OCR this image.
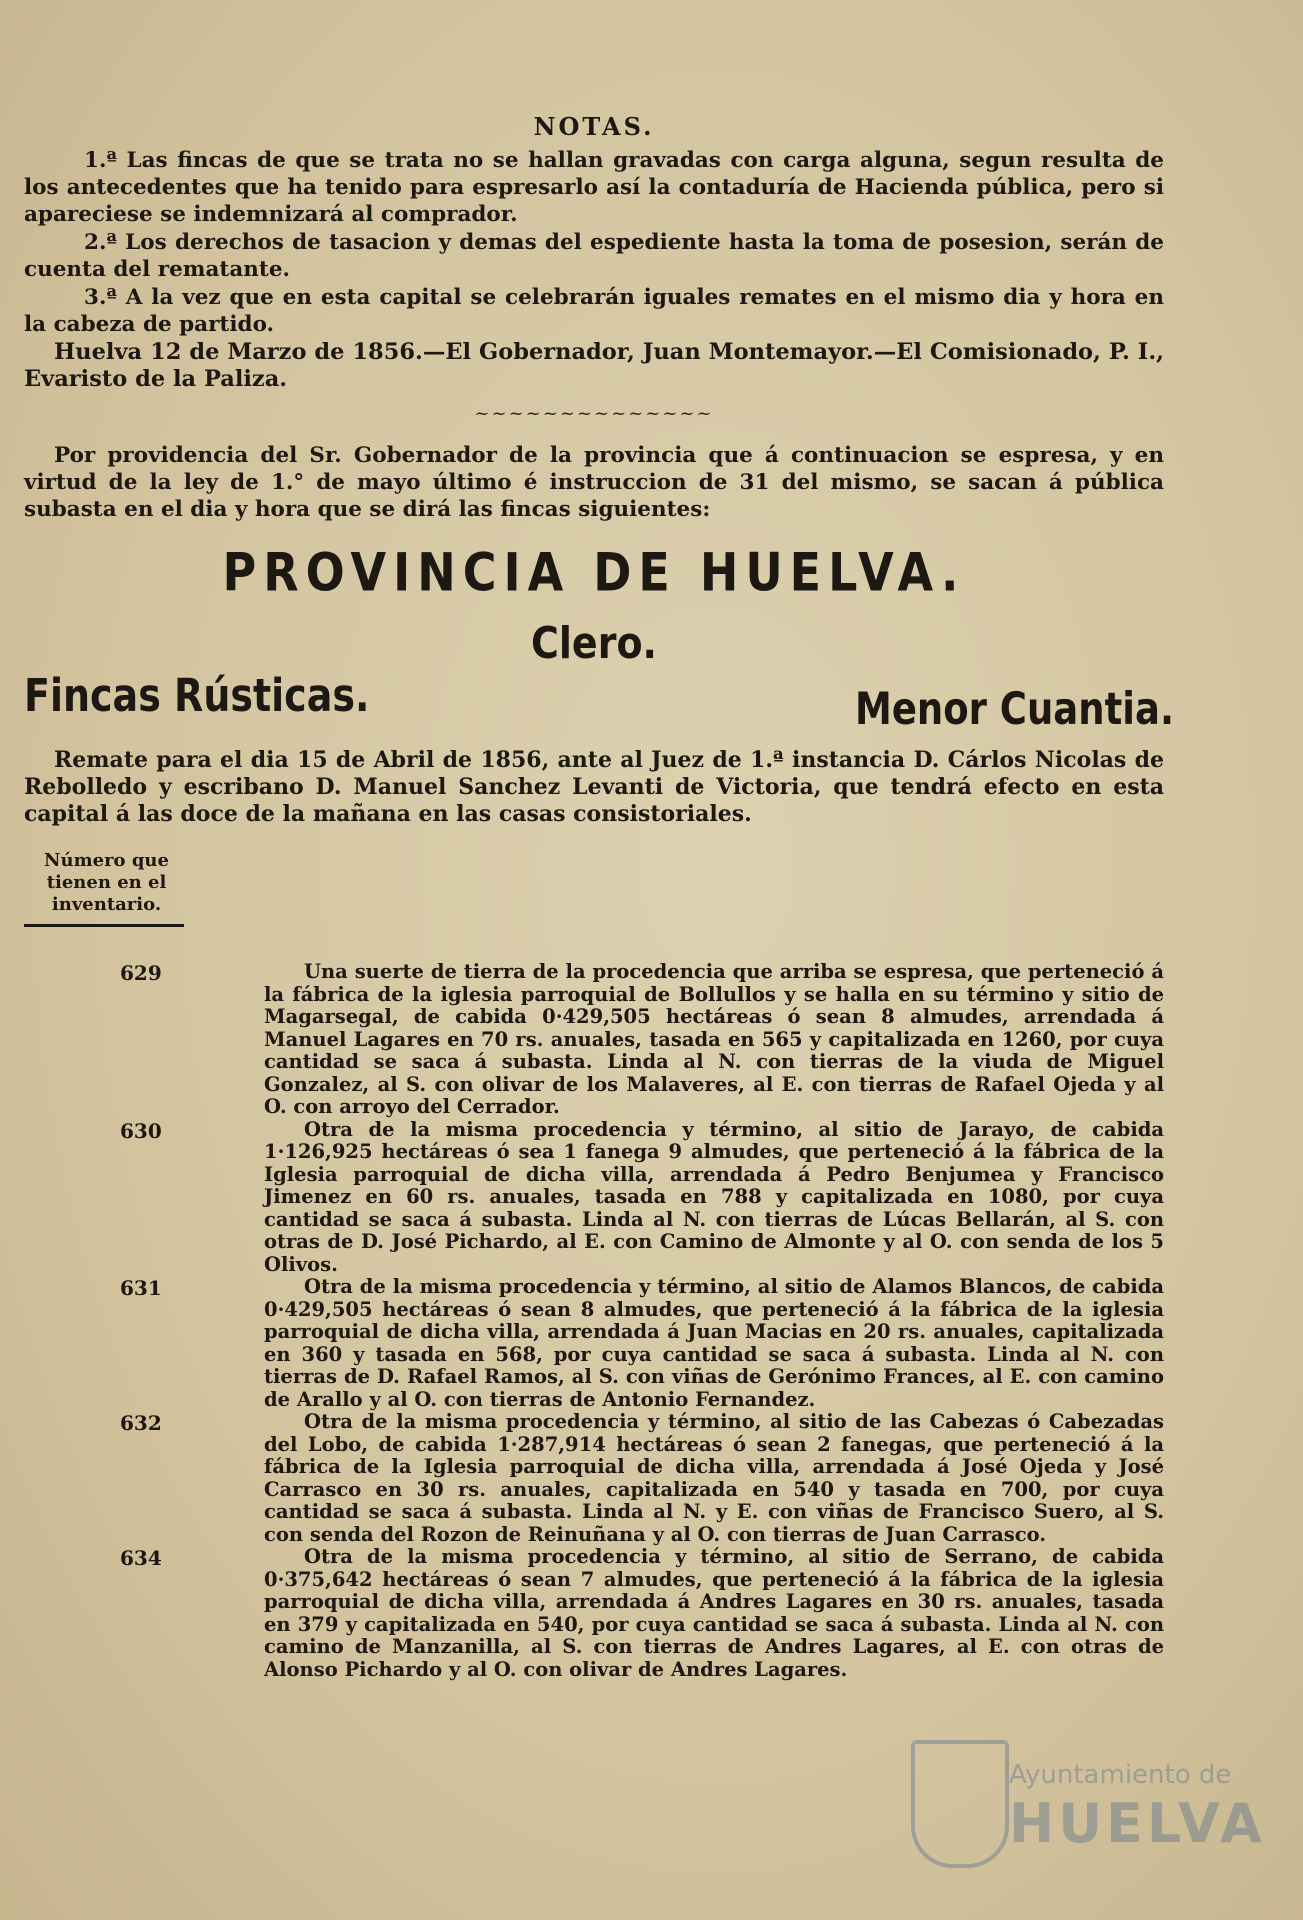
NOTAS.

1.ª Las fincas de que se trata no se hallan gravadas con carga alguna, segun resulta de los antecedentes que ha tenido para espresarlo así la contaduría de Hacienda pública, pero si apareciese se indemnizará al comprador.

2.ª Los derechos de tasacion y demas del espediente hasta la toma de posesion, serán de cuenta del rematante.

3.ª A la vez que en esta capital se celebrarán iguales remates en el mismo dia y hora en la cabeza de partido.

Huelva 12 de Marzo de 1856.—El Gobernador, Juan Montemayor.—El Comisionado, P. I., Evaristo de la Paliza.

~~~~~~~~~~~~~~

Por providencia del Sr. Gobernador de la provincia que á continuacion se espresa, y en virtud de la ley de 1.° de mayo último é instruccion de 31 del mismo, se sacan á pública subasta en el dia y hora que se dirá las fincas siguientes:

PROVINCIA DE HUELVA.
Clero.
Fincas Rústicas.	Menor Cuantia.

Remate para el dia 15 de Abril de 1856, ante al Juez de 1.ª instancia D. Cárlos Nicolas de Rebolledo y escribano D. Manuel Sanchez Levanti de Victoria, que tendrá efecto en esta capital á las doce de la mañana en las casas consistoriales.

Número que tienen en el inventario.
629	Una suerte de tierra de la procedencia que arriba se espresa, que perteneció á la fábrica de la iglesia parroquial de Bollullos y se halla en su término y sitio de Magarsegal, de cabida 0·429,505 hectáreas ó sean 8 almudes, arrendada á Manuel Lagares en 70 rs. anuales, tasada en 565 y capitalizada en 1260, por cuya cantidad se saca á subasta. Linda al N. con tierras de la viuda de Miguel Gonzalez, al S. con olivar de los Malaveres, al E. con tierras de Rafael Ojeda y al O. con arroyo del Cerrador.
630	Otra de la misma procedencia y término, al sitio de Jarayo, de cabida 1·126,925 hectáreas ó sea 1 fanega 9 almudes, que perteneció á la fábrica de la Iglesia parroquial de dicha villa, arrendada á Pedro Benjumea y Francisco Jimenez en 60 rs. anuales, tasada en 788 y capitalizada en 1080, por cuya cantidad se saca á subasta. Linda al N. con tierras de Lúcas Bellarán, al S. con otras de D. José Pichardo, al E. con Camino de Almonte y al O. con senda de los 5 Olivos.
631	Otra de la misma procedencia y término, al sitio de Alamos Blancos, de cabida 0·429,505 hectáreas ó sean 8 almudes, que perteneció á la fábrica de la iglesia parroquial de dicha villa, arrendada á Juan Macias en 20 rs. anuales, capitalizada en 360 y tasada en 568, por cuya cantidad se saca á subasta. Linda al N. con tierras de D. Rafael Ramos, al S. con viñas de Gerónimo Frances, al E. con camino de Arallo y al O. con tierras de Antonio Fernandez.
632	Otra de la misma procedencia y término, al sitio de las Cabezas ó Cabezadas del Lobo, de cabida 1·287,914 hectáreas ó sean 2 fanegas, que perteneció á la fábrica de la Iglesia parroquial de dicha villa, arrendada á José Ojeda y José Carrasco en 30 rs. anuales, capitalizada en 540 y tasada en 700, por cuya cantidad se saca á subasta. Linda al N. y E. con viñas de Francisco Suero, al S. con senda del Rozon de Reinuñana y al O. con tierras de Juan Carrasco.
634	Otra de la misma procedencia y término, al sitio de Serrano, de cabida 0·375,642 hectáreas ó sean 7 almudes, que perteneció á la fábrica de la iglesia parroquial de dicha villa, arrendada á Andres Lagares en 30 rs. anuales, tasada en 379 y capitalizada en 540, por cuya cantidad se saca á subasta. Linda al N. con camino de Manzanilla, al S. con tierras de Andres Lagares, al E. con otras de Alonso Pichardo y al O. con olivar de Andres Lagares.
Ayuntamiento de
HUELVA
